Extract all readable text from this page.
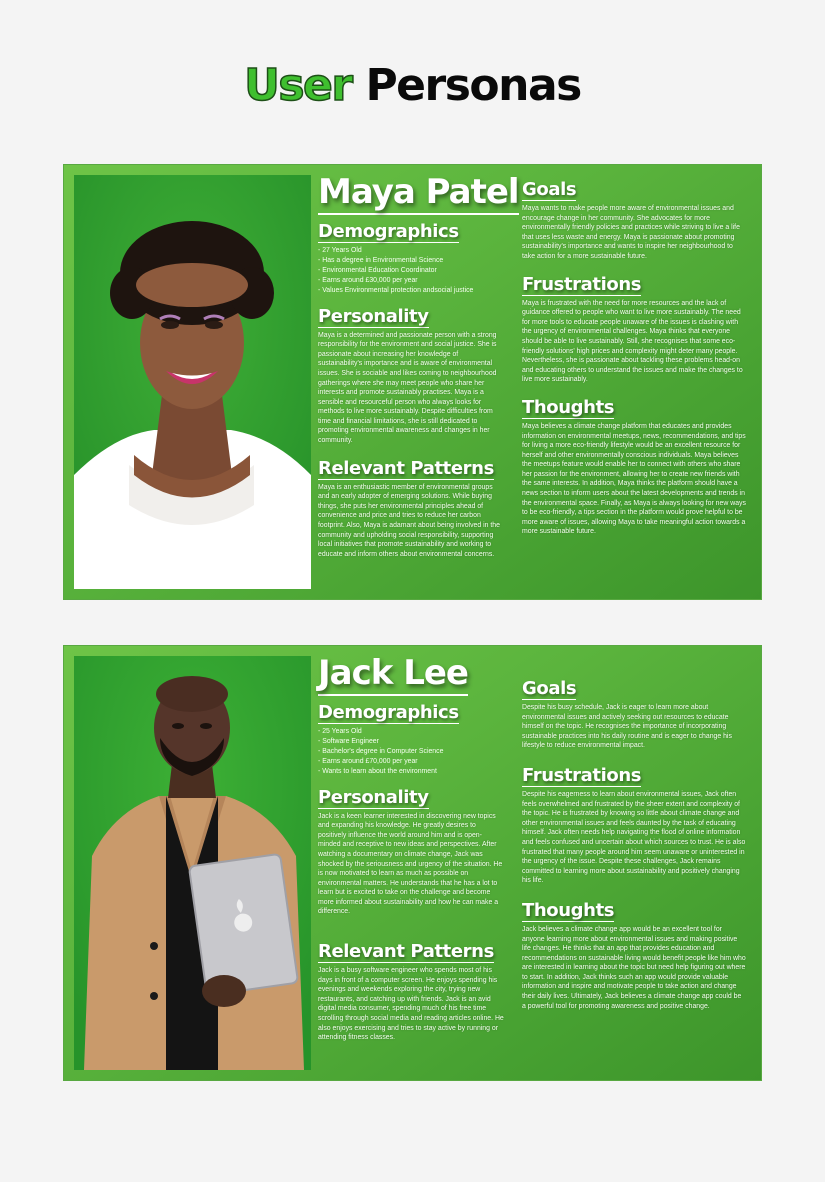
User Personas
Maya Patel
Demographics
- 27 Years Old
- Has a degree in Environmental Science
- Environmental Education Coordinator
- Earns around £30,000 per year
- Values Environmental protection andsocial justice
Personality

Maya is a determined and passionate person with a strong responsibility for the environment and social justice. She is passionate about increasing her knowledge of sustainability's importance and is aware of environmental issues. She is sociable and likes coming to neighbourhood gatherings where she may meet people who share her interests and promote sustainably practises. Maya is a sensible and resourceful person who always looks for methods to live more sustainably. Despite difficulties from time and financial limitations, she is still dedicated to promoting environmental awareness and changes in her community.

Relevant Patterns

Maya is an enthusiastic member of environmental groups and an early adopter of emerging solutions. While buying things, she puts her environmental principles ahead of convenience and price and tries to reduce her carbon footprint. Also, Maya is adamant about being involved in the community and upholding social responsibility, supporting local initiatives that promote sustainability and working to educate and inform others about environmental concerns.

Goals

Maya wants to make people more aware of environmental issues and encourage change in her community. She advocates for more environmentally friendly policies and practices while striving to live a life that uses less waste and energy. Maya is passionate about promoting sustainability's importance and wants to inspire her neighbourhood to take action for a more sustainable future.

Frustrations

Maya is frustrated with the need for more resources and the lack of guidance offered to people who want to live more sustainably. The need for more tools to educate people unaware of the issues is clashing with the urgency of environmental challenges. Maya thinks that everyone should be able to live sustainably. Still, she recognises that some eco-friendly solutions' high prices and complexity might deter many people. Nevertheless, she is passionate about tackling these problems head-on and educating others to understand the issues and make the changes to live more sustainably.

Thoughts

Maya believes a climate change platform that educates and provides information on environmental meetups, news, recommendations, and tips for living a more eco-friendly lifestyle would be an excellent resource for herself and other environmentally conscious individuals. Maya believes the meetups feature would enable her to connect with others who share her passion for the environment, allowing her to create new friends with the same interests. In addition, Maya thinks the platform should have a news section to inform users about the latest developments and trends in the environmental space. Finally, as Maya is always looking for new ways to be eco-friendly, a tips section in the platform would prove helpful to be more aware of issues, allowing Maya to take meaningful action towards a more sustainable future.

Jack Lee
Demographics
- 25 Years Old
- Software Engineer
- Bachelor's degree in Computer Science
- Earns around £70,000 per year
- Wants to learn about the environment
Personality

Jack is a keen learner interested in discovering new topics and expanding his knowledge. He greatly desires to positively influence the world around him and is open-minded and receptive to new ideas and perspectives. After watching a documentary on climate change, Jack was shocked by the seriousness and urgency of the situation. He is now motivated to learn as much as possible on environmental matters. He understands that he has a lot to learn but is excited to take on the challenge and become more informed about sustainability and how he can make a difference.

Relevant Patterns

Jack is a busy software engineer who spends most of his days in front of a computer screen. He enjoys spending his evenings and weekends exploring the city, trying new restaurants, and catching up with friends. Jack is an avid digital media consumer, spending much of his free time scrolling through social media and reading articles online. He also enjoys exercising and tries to stay active by running or attending fitness classes.

Goals

Despite his busy schedule, Jack is eager to learn more about environmental issues and actively seeking out resources to educate himself on the topic. He recognises the importance of incorporating sustainable practices into his daily routine and is eager to change his lifestyle to reduce environmental impact.

Frustrations

Despite his eagerness to learn about environmental issues, Jack often feels overwhelmed and frustrated by the sheer extent and complexity of the topic. He is frustrated by knowing so little about climate change and other environmental issues and feels daunted by the task of educating himself. Jack often needs help navigating the flood of online information and feels confused and uncertain about which sources to trust. He is also frustrated that many people around him seem unaware or uninterested in the urgency of the issue. Despite these challenges, Jack remains committed to learning more about sustainability and positively changing his life.

Thoughts

Jack believes a climate change app would be an excellent tool for anyone learning more about environmental issues and making positive life changes. He thinks that an app that provides education and recommendations on sustainable living would benefit people like him who are interested in learning about the topic but need help figuring out where to start. In addition, Jack thinks such an app would provide valuable information and inspire and motivate people to take action and change their daily lives. Ultimately, Jack believes a climate change app could be a powerful tool for promoting awareness and positive change.
